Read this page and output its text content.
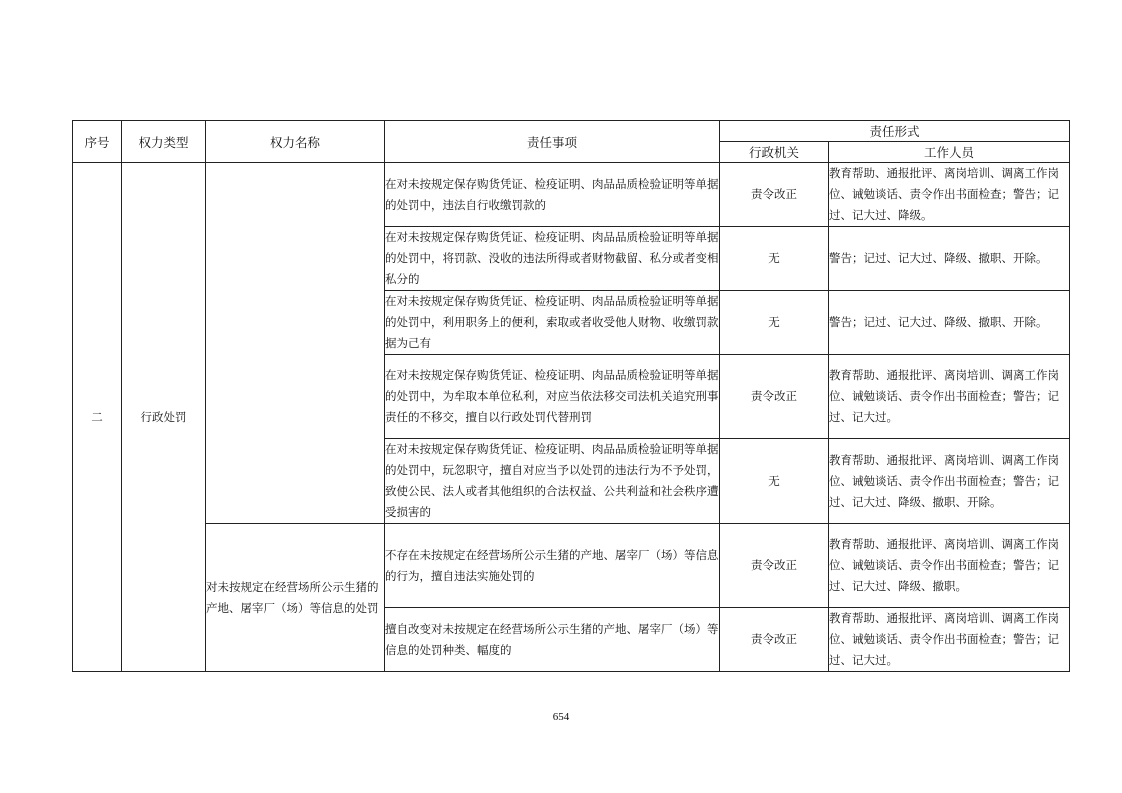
序号	权力类型	权力名称	责任事项	责任形式	
				行政机关	工作人员
二	行政处罚		在对未按规定保存购货凭证、检疫证明、肉品品质检验证明等单据的处罚中，违法自行收缴罚款的	责令改正	教育帮助、通报批评、离岗培训、调离工作岗位、诫勉谈话、责令作出书面检查；警告；记过、记大过、降级。
			在对未按规定保存购货凭证、检疫证明、肉品品质检验证明等单据的处罚中，将罚款、没收的违法所得或者财物截留、私分或者变相私分的	无	警告；记过、记大过、降级、撤职、开除。
			在对未按规定保存购货凭证、检疫证明、肉品品质检验证明等单据的处罚中，利用职务上的便利，索取或者收受他人财物、收缴罚款据为己有	无	警告；记过、记大过、降级、撤职、开除。
			在对未按规定保存购货凭证、检疫证明、肉品品质检验证明等单据的处罚中，为牟取本单位私利，对应当依法移交司法机关追究刑事责任的不移交，擅自以行政处罚代替刑罚	责令改正	教育帮助、通报批评、离岗培训、调离工作岗位、诫勉谈话、责令作出书面检查；警告；记过、记大过。
			在对未按规定保存购货凭证、检疫证明、肉品品质检验证明等单据的处罚中，玩忽职守，擅自对应当予以处罚的违法行为不予处罚，致使公民、法人或者其他组织的合法权益、公共利益和社会秩序遭受损害的	无	教育帮助、通报批评、离岗培训、调离工作岗位、诫勉谈话、责令作出书面检查；警告；记过、记大过、降级、撤职、开除。
		对未按规定在经营场所公示生猪的产地、屠宰厂（场）等信息的处罚	不存在未按规定在经营场所公示生猪的产地、屠宰厂（场）等信息的行为，擅自违法实施处罚的	责令改正	教育帮助、通报批评、离岗培训、调离工作岗位、诫勉谈话、责令作出书面检查；警告；记过、记大过、降级、撤职。
			擅自改变对未按规定在经营场所公示生猪的产地、屠宰厂（场）等信息的处罚种类、幅度的	责令改正	教育帮助、通报批评、离岗培训、调离工作岗位、诫勉谈话、责令作出书面检查；警告；记过、记大过。
654
